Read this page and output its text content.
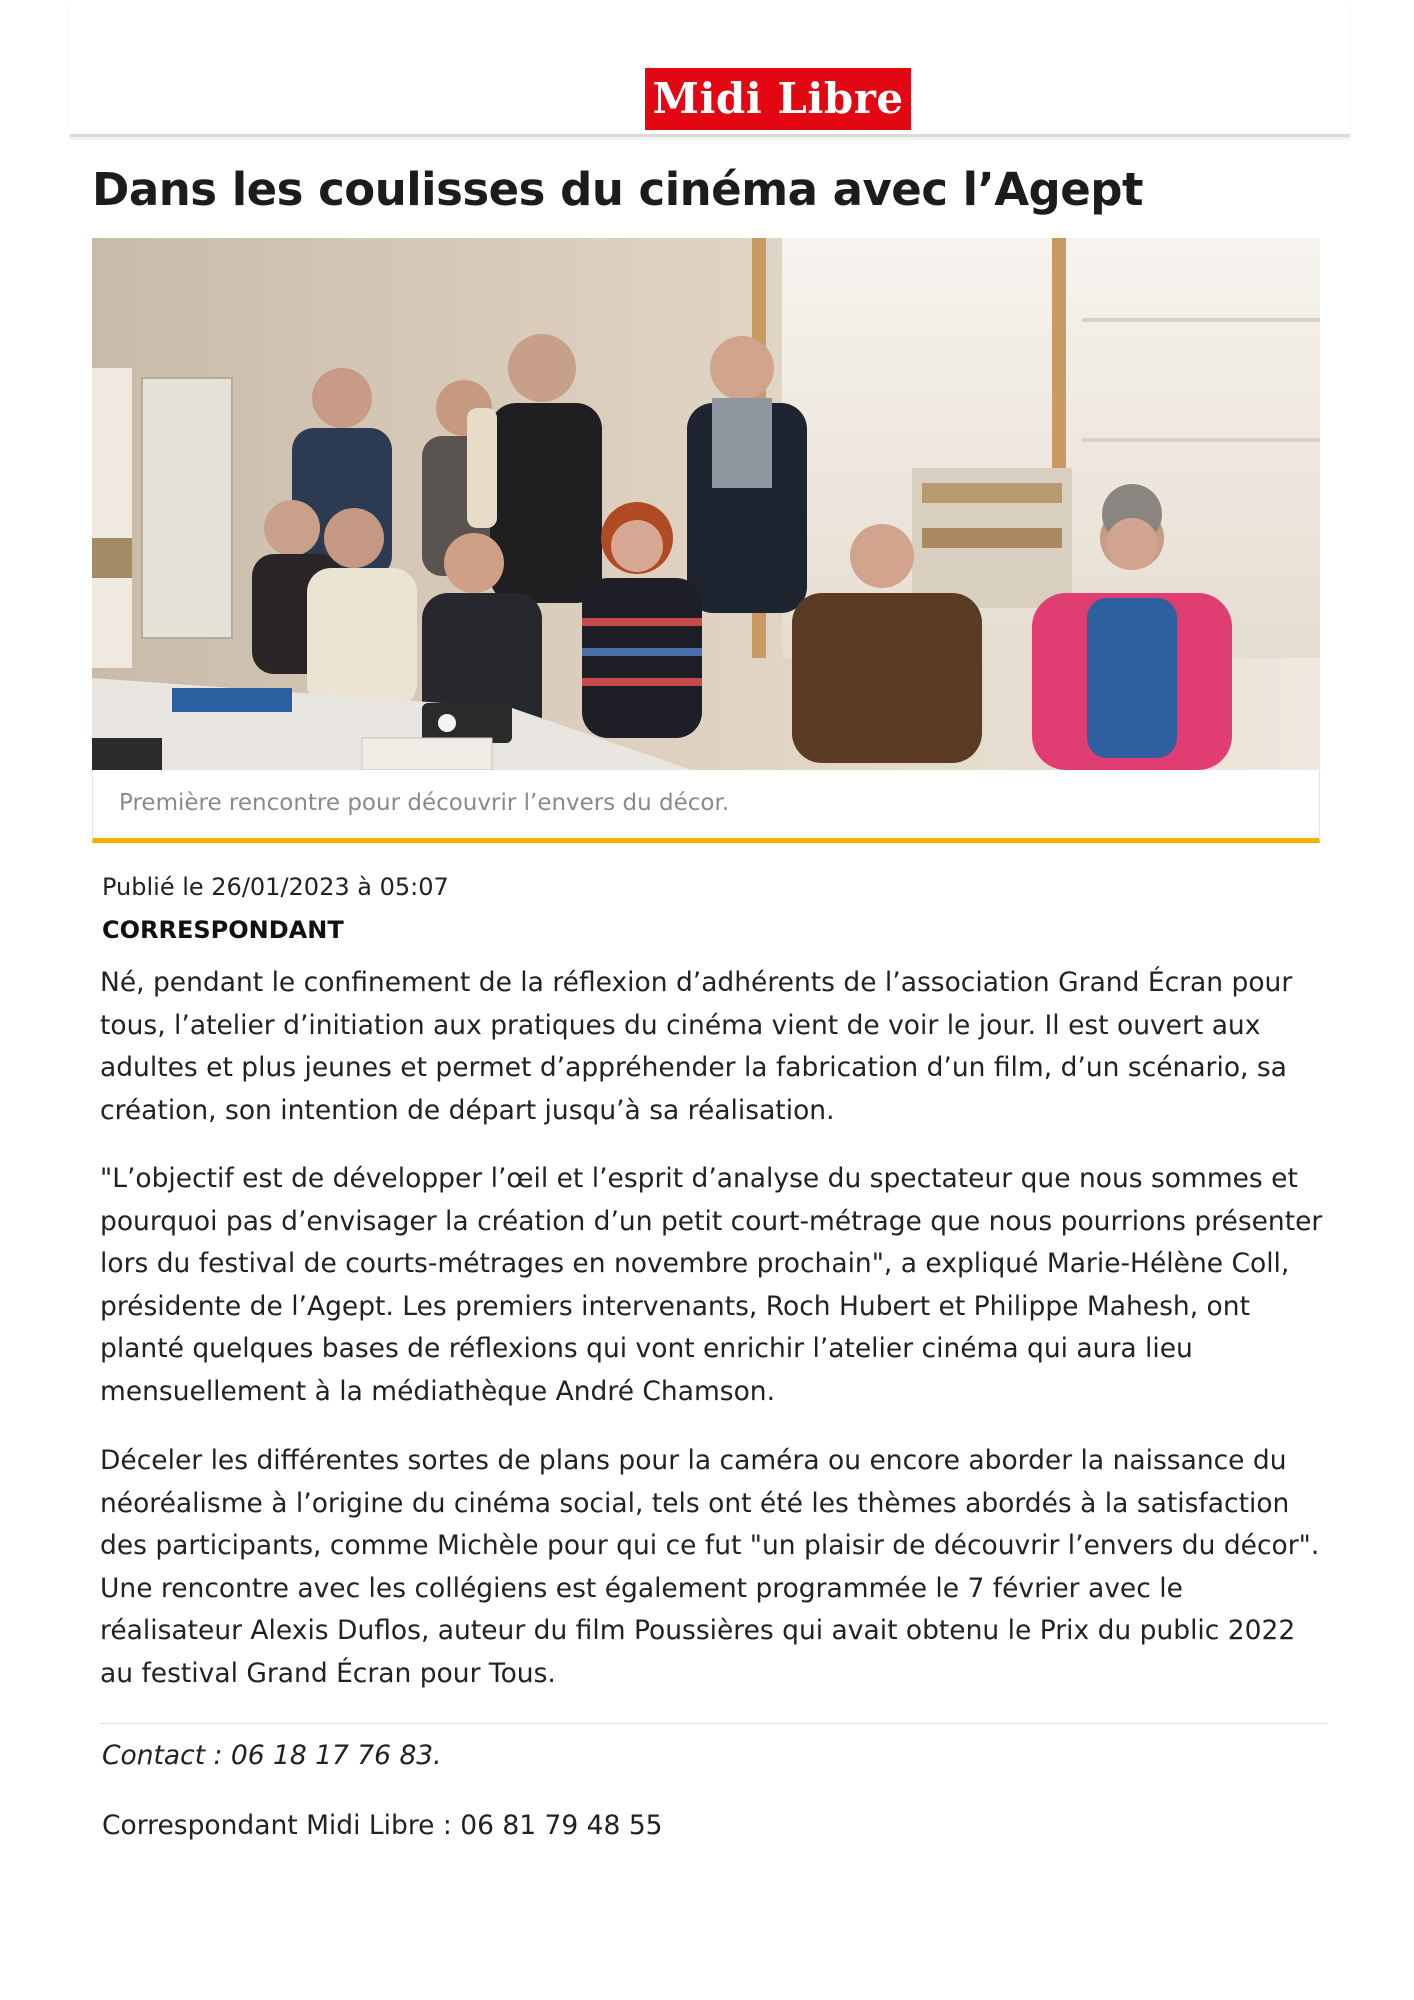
Midi Libre
Dans les coulisses du cinéma avec l’Agept
Première rencontre pour découvrir l’envers du décor.
Publié le 26/01/2023 à 05:07
CORRESPONDANT

Né, pendant le confinement de la réflexion d’adhérents de l’association Grand Écran pour tous, l’atelier d’initiation aux pratiques du cinéma vient de voir le jour. Il est ouvert aux adultes et plus jeunes et permet d’appréhender la fabrication d’un film, d’un scénario, sa création, son intention de départ jusqu’à sa réalisation.

"L’objectif est de développer l’œil et l’esprit d’analyse du spectateur que nous sommes et pourquoi pas d’envisager la création d’un petit court-métrage que nous pourrions présenter lors du festival de courts-métrages en novembre prochain", a expliqué Marie-Hélène Coll, présidente de l’Agept. Les premiers intervenants, Roch Hubert et Philippe Mahesh, ont planté quelques bases de réflexions qui vont enrichir l’atelier cinéma qui aura lieu mensuellement à la médiathèque André Chamson.

Déceler les différentes sortes de plans pour la caméra ou encore aborder la naissance du néoréalisme à l’origine du cinéma social, tels ont été les thèmes abordés à la satisfaction des participants, comme Michèle pour qui ce fut "un plaisir de découvrir l’envers du décor". Une rencontre avec les collégiens est également programmée le 7 février avec le réalisateur Alexis Duflos, auteur du film Poussières qui avait obtenu le Prix du public 2022 au festival Grand Écran pour Tous.

Contact : 06 18 17 76 83.
Correspondant Midi Libre : 06 81 79 48 55
